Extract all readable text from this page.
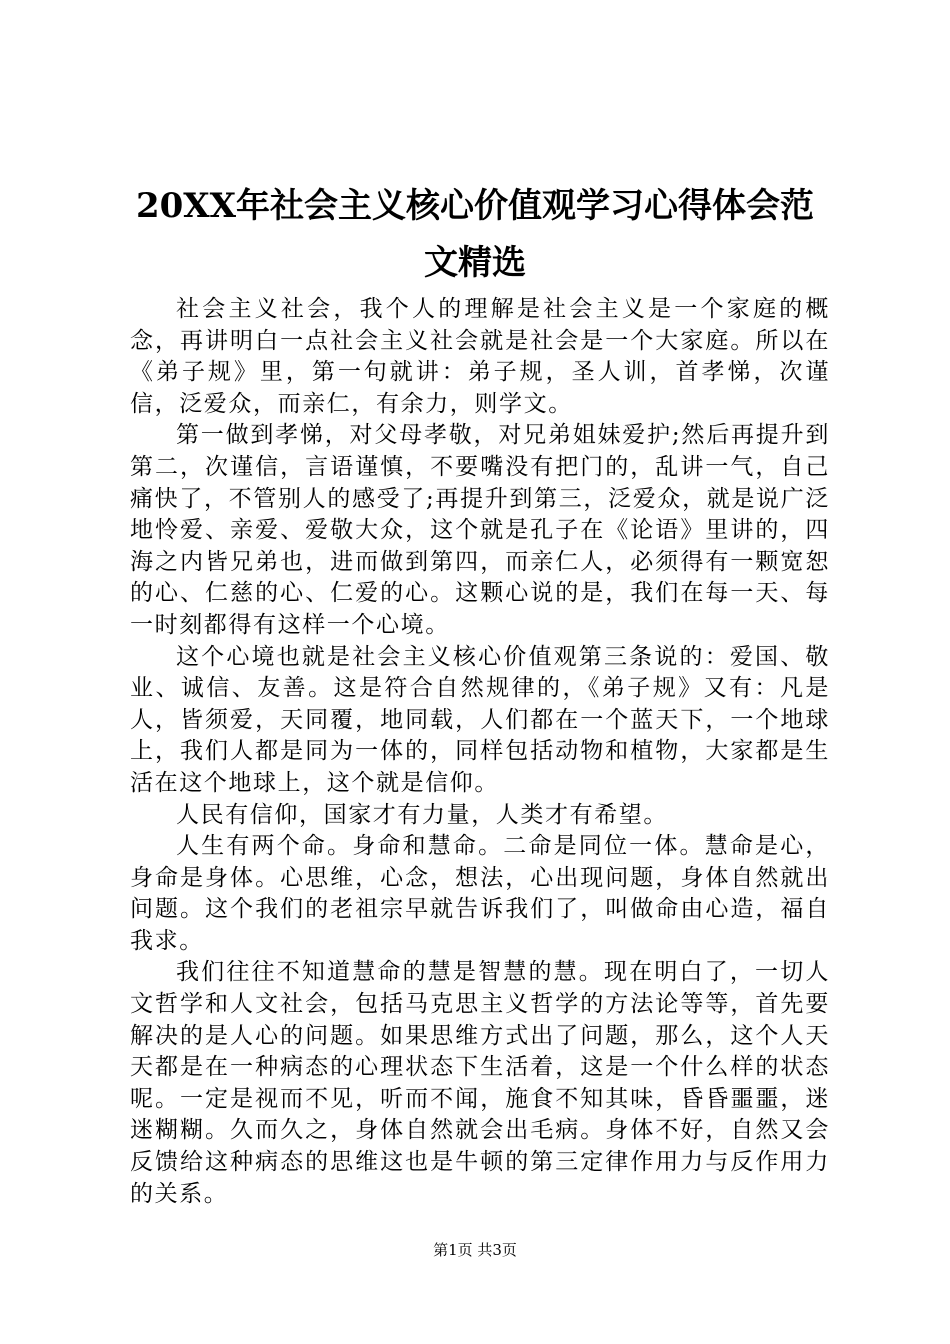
20XX年社会主义核心价值观学习心得体会范
文精选

社会主义社会，我个人的理解是社会主义是一个家庭的概念，再讲明白一点社会主义社会就是社会是一个大家庭。所以在《弟子规》里，第一句就讲：弟子规，圣人训，首孝悌，次谨信，泛爱众，而亲仁，有余力，则学文。

第一做到孝悌，对父母孝敬，对兄弟姐妹爱护;然后再提升到第二，次谨信，言语谨慎，不要嘴没有把门的，乱讲一气，自己痛快了，不管别人的感受了;再提升到第三，泛爱众，就是说广泛地怜爱、亲爱、爱敬大众，这个就是孔子在《论语》里讲的，四海之内皆兄弟也，进而做到第四，而亲仁人，必须得有一颗宽恕的心、仁慈的心、仁爱的心。这颗心说的是，我们在每一天、每一时刻都得有这样一个心境。

这个心境也就是社会主义核心价值观第三条说的：爱国、敬业、诚信、友善。这是符合自然规律的，《弟子规》又有：凡是人，皆须爱，天同覆，地同载，人们都在一个蓝天下，一个地球上，我们人都是同为一体的，同样包括动物和植物，大家都是生活在这个地球上，这个就是信仰。

人民有信仰，国家才有力量，人类才有希望。

人生有两个命。身命和慧命。二命是同位一体。慧命是心，身命是身体。心思维，心念，想法，心出现问题，身体自然就出问题。这个我们的老祖宗早就告诉我们了，叫做命由心造，福自我求。

我们往往不知道慧命的慧是智慧的慧。现在明白了，一切人文哲学和人文社会，包括马克思主义哲学的方法论等等，首先要解决的是人心的问题。如果思维方式出了问题，那么，这个人天天都是在一种病态的心理状态下生活着，这是一个什么样的状态呢。一定是视而不见，听而不闻，施食不知其味，昏昏噩噩，迷迷糊糊。久而久之，身体自然就会出毛病。身体不好，自然又会反馈给这种病态的思维这也是牛顿的第三定律作用力与反作用力的关系。

第1页 共3页
